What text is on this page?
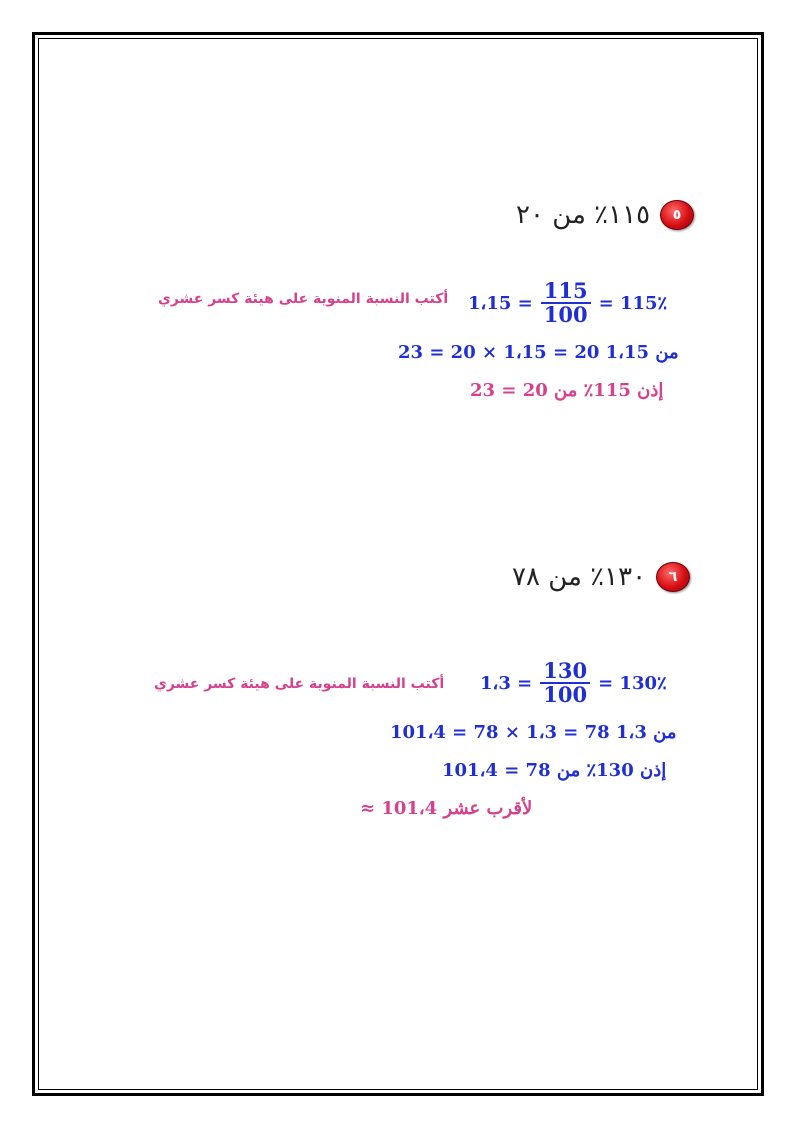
١١٥٪ من ٢٠	٥
أكتب النسبة المنوية على هيئة كسر عشري = 1،15 $\frac{115}{100}$ 115٪ =
23 = 20 × 1،15 = 20 من 1،15
إذن 115٪ من 20 = 23
١٣٠٪ من ٧٨	٦
أكتب النسبة المنوية على هيئة كسر عشري = 1،3 $\frac{130}{100}$ 130٪ =
101،4 = 78 × 1،3 = 78 من 1،3
إذن 130٪ من 78 = 101،4
≈ 101،4 لأقرب عشر
